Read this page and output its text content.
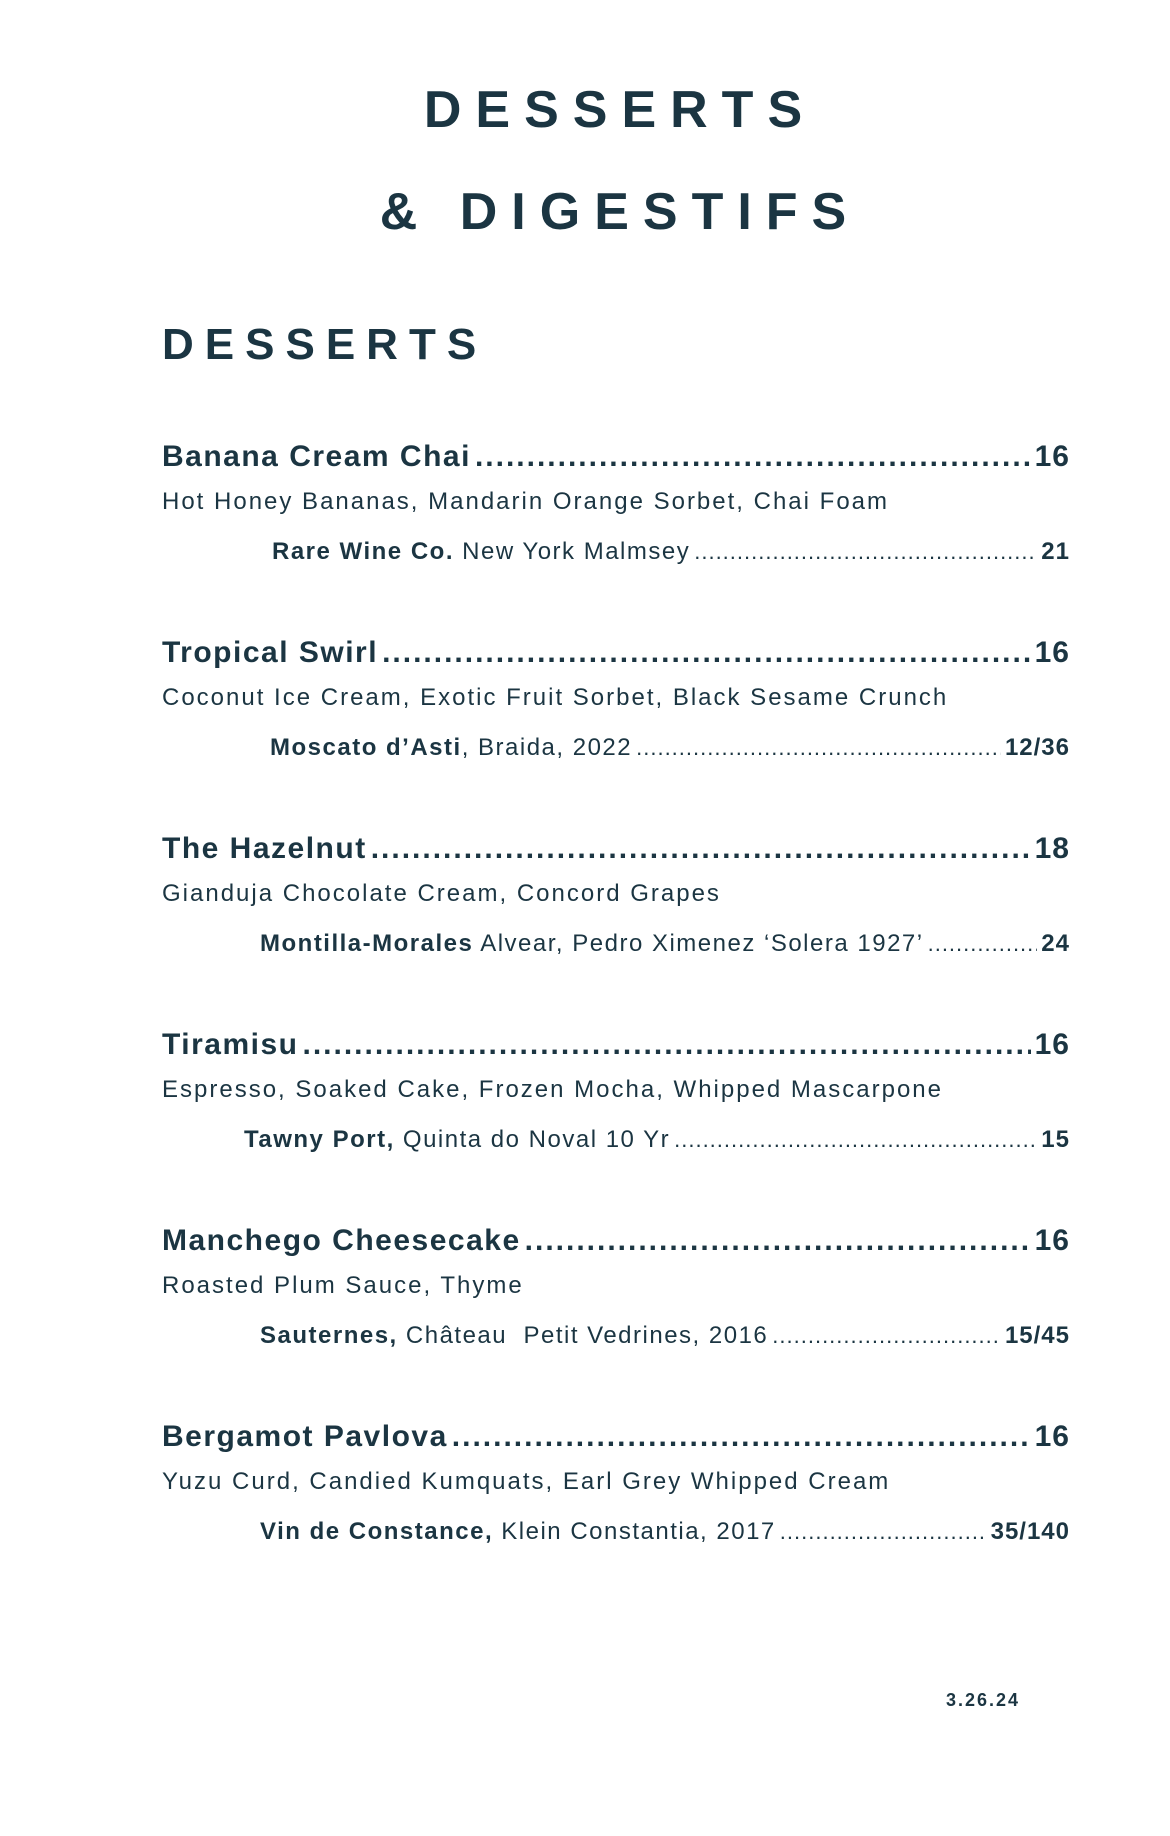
DESSERTS
& DIGESTIFS
DESSERTS
Banana Cream Chai .....	16
Hot Honey Bananas, Mandarin Orange Sorbet, Chai Foam
Rare Wine Co. New York Malmsey .....	21
Tropical Swirl .....	16
Coconut Ice Cream, Exotic Fruit Sorbet, Black Sesame Crunch
Moscato d’Asti , Braida, 2022 .....	12/36
The Hazelnut .....	18
Gianduja Chocolate Cream, Concord Grapes
Montilla-Morales Alvear, Pedro Ximenez ‘Solera 1927’ .....	24
Tiramisu .....	16
Espresso, Soaked Cake, Frozen Mocha, Whipped Mascarpone
Tawny Port, Quinta do Noval 10 Yr .....	15
Manchego Cheesecake .....	16
Roasted Plum Sauce, Thyme
Sauternes, Château  Petit Vedrines, 2016 .....	15/45
Bergamot Pavlova .....	16
Yuzu Curd, Candied Kumquats, Earl Grey Whipped Cream
Vin de Constance, Klein Constantia, 2017 .....	35/140
3.26.24
